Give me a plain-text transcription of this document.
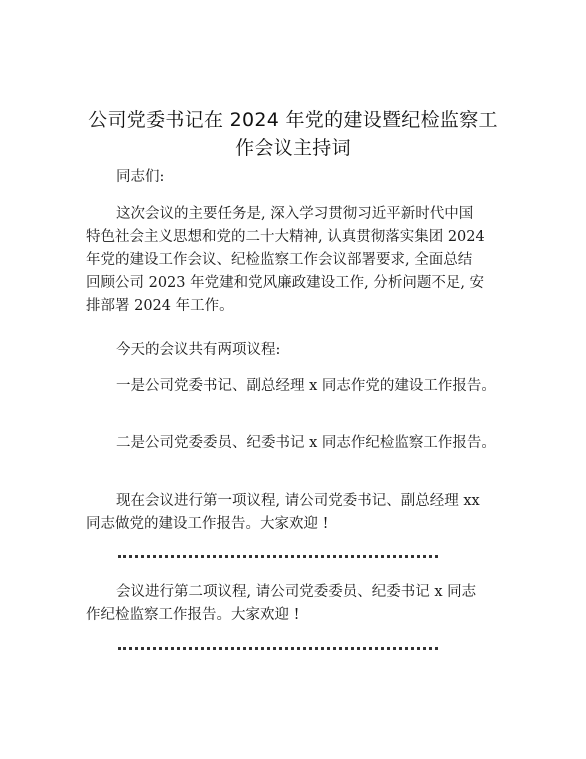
公司党委书记在 2024 年党的建设暨纪检监察工
作会议主持词
同志们:
这次会议的主要任务是, 深入学习贯彻习近平新时代中国
特色社会主义思想和党的二十大精神, 认真贯彻落实集团 2024
年党的建设工作会议、纪检监察工作会议部署要求, 全面总结
回顾公司 2023 年党建和党风廉政建设工作, 分析问题不足, 安
排部署 2024 年工作。
今天的会议共有两项议程:
一是公司党委书记、副总经理 x 同志作党的建设工作报告。
二是公司党委委员、纪委书记 x 同志作纪检监察工作报告。
现在会议进行第一项议程, 请公司党委书记、副总经理 xx
同志做党的建设工作报告。大家欢迎 !
会议进行第二项议程, 请公司党委委员、纪委书记 x 同志
作纪检监察工作报告。大家欢迎 !
